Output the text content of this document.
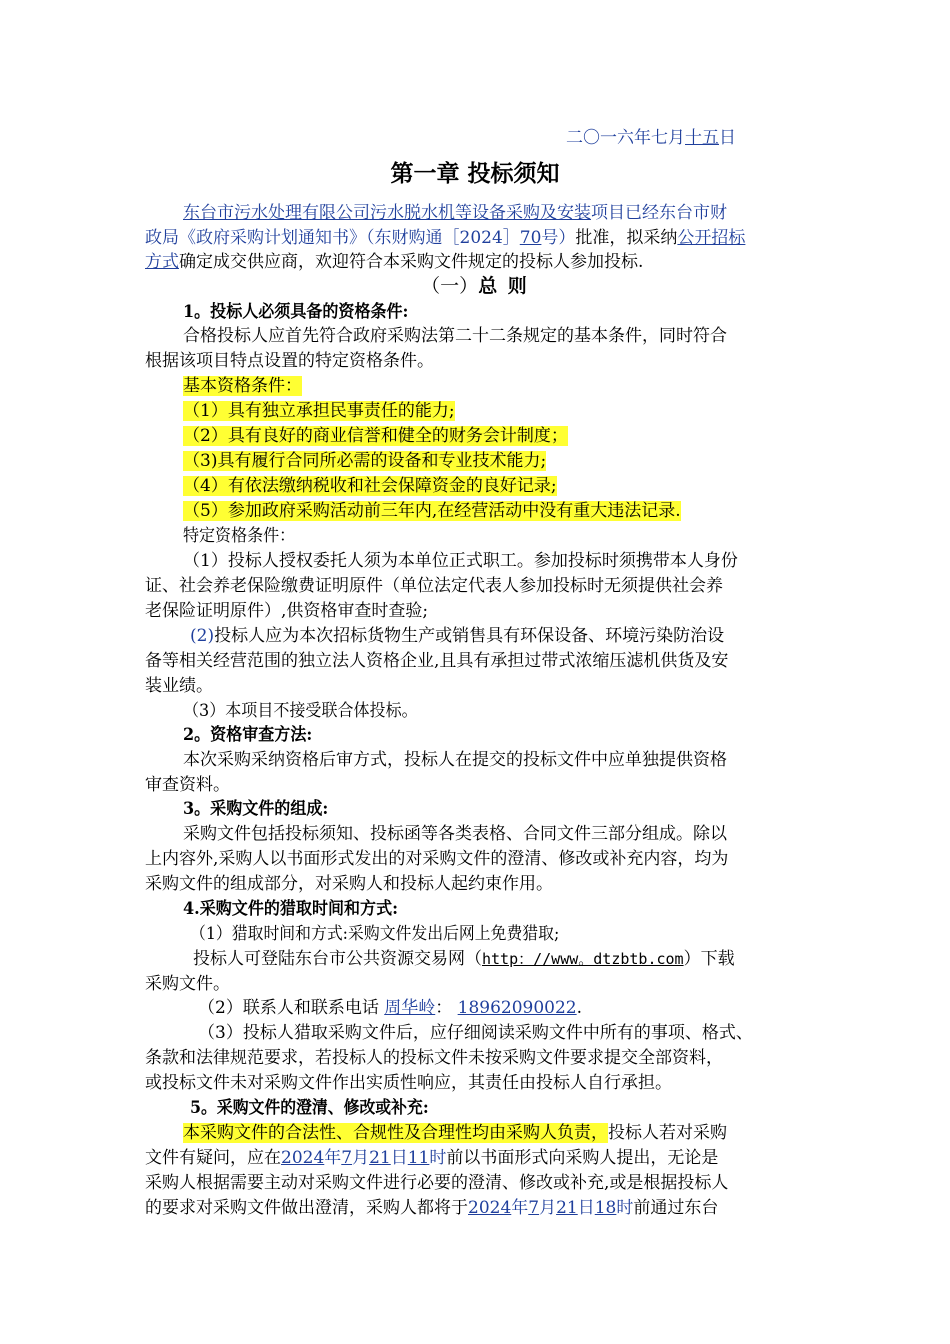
二〇一六年七月十五日
第一章 投标须知
东台市污水处理有限公司污水脱水机等设备采购及安装项目已经东台市财
政局《政府采购计划通知书》（东财购通［2024］70号）批准，拟采纳公开招标
方式确定成交供应商，欢迎符合本采购文件规定的投标人参加投标.
（一）总 则
1。投标人必须具备的资格条件:
合格投标人应首先符合政府采购法第二十二条规定的基本条件，同时符合
根据该项目特点设置的特定资格条件。
基本资格条件：
（1）具有独立承担民事责任的能力;
（2）具有良好的商业信誉和健全的财务会计制度；
（3)具有履行合同所必需的设备和专业技术能力;
（4）有依法缴纳税收和社会保障资金的良好记录;
（5）参加政府采购活动前三年内,在经营活动中没有重大违法记录.
特定资格条件：
（1）投标人授权委托人须为本单位正式职工。参加投标时须携带本人身份
证、社会养老保险缴费证明原件（单位法定代表人参加投标时无须提供社会养
老保险证明原件）,供资格审查时查验;
(2)投标人应为本次招标货物生产或销售具有环保设备、环境污染防治设
备等相关经营范围的独立法人资格企业,且具有承担过带式浓缩压滤机供货及安
装业绩。
（3）本项目不接受联合体投标。
2。资格审查方法:
本次采购采纳资格后审方式，投标人在提交的投标文件中应单独提供资格
审查资料。
3。采购文件的组成:
采购文件包括投标须知、投标函等各类表格、合同文件三部分组成。除以
上内容外,采购人以书面形式发出的对采购文件的澄清、修改或补充内容，均为
采购文件的组成部分，对采购人和投标人起约束作用。
4.采购文件的猎取时间和方式:
（1）猎取时间和方式:采购文件发出后网上免费猎取;
投标人可登陆东台市公共资源交易网（http：//www。dtzbtb.com）下载
采购文件。
（2）联系人和联系电话 周华岭： 18962090022.
（3）投标人猎取采购文件后，应仔细阅读采购文件中所有的事项、格式、
条款和法律规范要求，若投标人的投标文件未按采购文件要求提交全部资料，
或投标文件未对采购文件作出实质性响应，其责任由投标人自行承担。
5。采购文件的澄清、修改或补充:
本采购文件的合法性、合规性及合理性均由采购人负责，投标人若对采购
文件有疑问，应在2024年7月21日11时前以书面形式向采购人提出，无论是
采购人根据需要主动对采购文件进行必要的澄清、修改或补充,或是根据投标人
的要求对采购文件做出澄清，采购人都将于2024年7月21日18时前通过东台
